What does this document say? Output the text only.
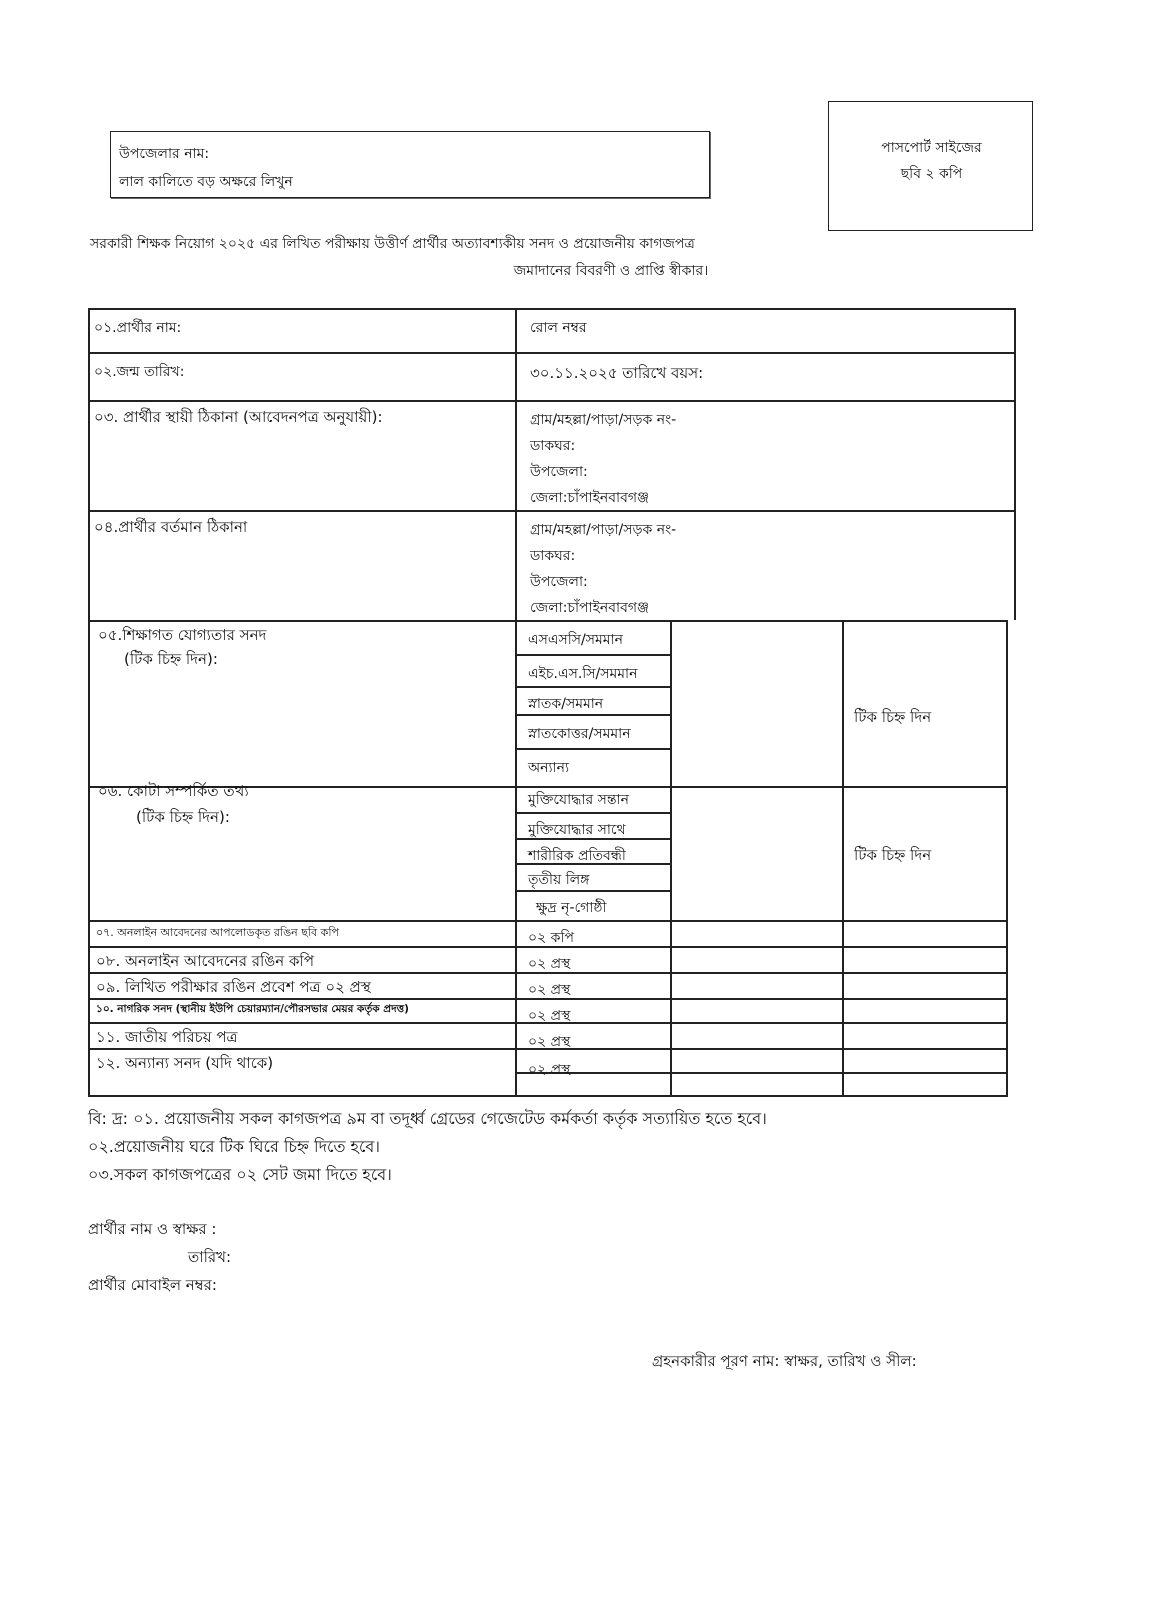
উপজেলার নাম:
লাল কালিতে বড় অক্ষরে লিখুন
পাসপোর্ট সাইজের
ছবি ২ কপি
সরকারী শিক্ষক নিয়োগ ২০২৫ এর লিখিত পরীক্ষায় উত্তীর্ণ প্রার্থীর অত্যাবশ্যকীয় সনদ ও প্রয়োজনীয় কাগজপত্র
জমাদানের বিবরণী ও প্রাপ্তি স্বীকার।
০১.প্রার্থীর নাম:	রোল নম্বর
০২.জন্ম তারিখ:	৩০.১১.২০২৫ তারিখে বয়স:
০৩. প্রার্থীর স্থায়ী ঠিকানা (আবেদনপত্র অনুযায়ী):	গ্রাম/মহল্লা/পাড়া/সড়ক নং-
ডাকঘর:
উপজেলা:
জেলা:চাঁপাইনবাবগঞ্জ
০৪.প্রার্থীর বর্তমান ঠিকানা	গ্রাম/মহল্লা/পাড়া/সড়ক নং-
ডাকঘর:
উপজেলা:
জেলা:চাঁপাইনবাবগঞ্জ
০৫.শিক্ষাগত যোগ্যতার সনদ
(টিক চিহ্ন দিন):
এসএসসি/সমমান
এইচ.এস.সি/সমমান
স্নাতক/সমমান
স্নাতকোত্তর/সমমান
অন্যান্য
টিক চিহ্ন দিন
০৬. কোটা সম্পর্কিত তথ্য
(টিক চিহ্ন দিন):
মুক্তিযোদ্ধার সন্তান
মুক্তিযোদ্ধার সাথে
শারীরিক প্রতিবন্ধী
তৃতীয় লিঙ্গ
ক্ষুদ্র নৃ-গোষ্ঠী
টিক চিহ্ন দিন
০৭. অনলাইন আবেদনের আপলোডকৃত রঙিন ছবি কপি	০২ কপি
০৮. অনলাইন আবেদনের রঙিন কপি	০২ প্রস্থ
০৯. লিখিত পরীক্ষার রঙিন প্রবেশ পত্র ০২ প্রস্থ	০২ প্রস্থ
১০. নাগরিক সনদ (স্থানীয় ইউপি চেয়ারম্যান/পৌরসভার মেয়র কর্তৃক প্রদত্ত)	০২ প্রস্থ
১১. জাতীয় পরিচয় পত্র	০২ প্রস্থ
১২. অন্যান্য সনদ (যদি থাকে)	০২ প্রস্থ
বি: দ্র: ০১. প্রয়োজনীয় সকল কাগজপত্র ৯ম বা তদূর্ধ্ব গ্রেডের গেজেটেড কর্মকর্তা কর্তৃক সত্যায়িত হতে হবে।
০২.প্রয়োজনীয় ঘরে টিক ঘিরে চিহ্ন দিতে হবে।
০৩.সকল কাগজপত্রের ০২ সেট জমা দিতে হবে।
প্রার্থীর নাম ও স্বাক্ষর :
তারিখ:
প্রার্থীর মোবাইল নম্বর:
গ্রহনকারীর পূরণ নাম: স্বাক্ষর, তারিখ ও সীল:
